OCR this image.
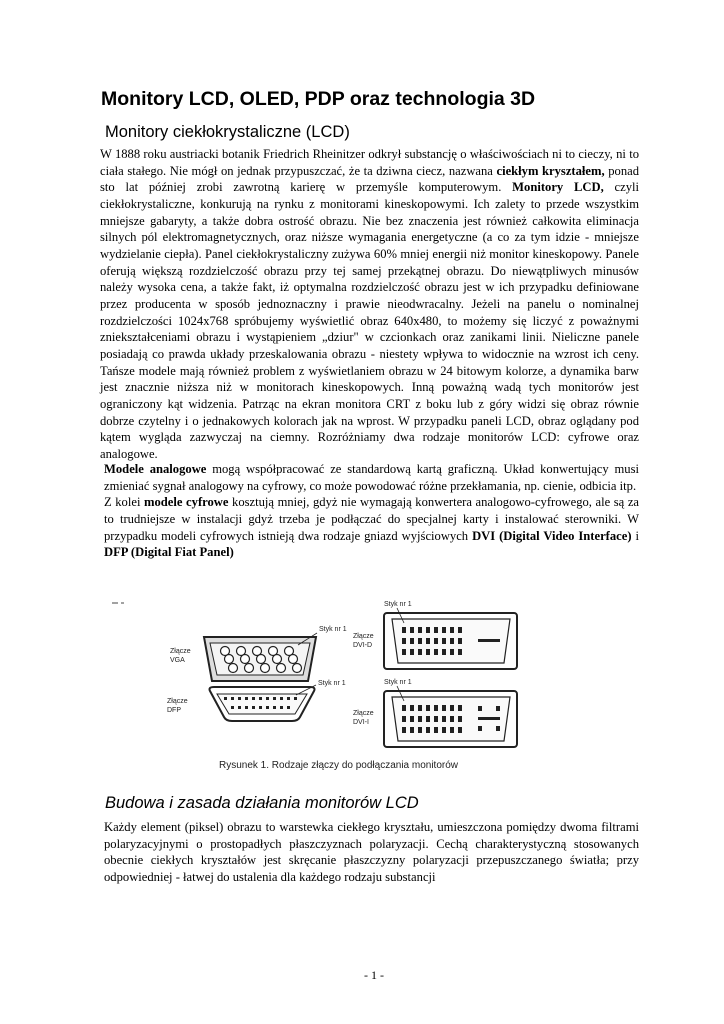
Monitory LCD, OLED, PDP oraz technologia 3D
Monitory ciekłokrystaliczne (LCD)

W 1888 roku austriacki botanik Friedrich Rheinitzer odkrył substancję o właściwościach ni to cieczy, ni to ciała stałego. Nie mógł on jednak przypuszczać, że ta dziwna ciecz, nazwana ciekłym kryształem, ponad sto lat później zrobi zawrotną karierę w przemyśle komputerowym. Monitory LCD, czyli ciekłokrystaliczne, konkurują na rynku z monitorami kineskopowymi. Ich zalety to przede wszystkim mniejsze gabaryty, a także dobra ostrość obrazu. Nie bez znaczenia jest również całkowita eliminacja silnych pól elektromagnetycznych, oraz niższe wymagania energetyczne (a co za tym idzie - mniejsze wydzielanie ciepła). Panel ciekłokrystaliczny zużywa 60% mniej energii niż monitor kineskopowy. Panele oferują większą rozdzielczość obrazu przy tej samej przekątnej obrazu. Do niewątpliwych minusów należy wysoka cena, a także fakt, iż optymalna rozdzielczość obrazu jest w ich przypadku definiowane przez producenta w sposób jednoznaczny i prawie nieodwracalny. Jeżeli na panelu o nominalnej rozdzielczości 1024x768 spróbujemy wyświetlić obraz 640x480, to możemy się liczyć z poważnymi zniekształceniami obrazu i wystąpieniem „dziur" w czcionkach oraz zanikami linii. Nieliczne panele posiadają co prawda układy przeskalowania obrazu - niestety wpływa to widocznie na wzrost ich ceny. Tańsze modele mają również problem z wyświetlaniem obrazu w 24 bitowym kolorze, a dynamika barw jest znacznie niższa niż w monitorach kineskopowych. Inną poważną wadą tych monitorów jest ograniczony kąt widzenia. Patrząc na ekran monitora CRT z boku lub z góry widzi się obraz równie dobrze czytelny i o jednakowych kolorach jak na wprost. W przypadku paneli LCD, obraz oglądany pod kątem wygląda zazwyczaj na ciemny. Rozróżniamy dwa rodzaje monitorów LCD: cyfrowe oraz analogowe.

Modele analogowe mogą współpracować ze standardową kartą graficzną. Układ konwertujący musi zmieniać sygnał analogowy na cyfrowy, co może powodować różne przekłamania, np. cienie, odbicia itp.

Z kolei modele cyfrowe kosztują mniej, gdyż nie wymagają konwertera analogowo-cyfrowego, ale są za to trudniejsze w instalacji gdyż trzeba je podłączać do specjalnej karty i instalować sterowniki. W przypadku modeli cyfrowych istnieją dwa rodzaje gniazd wyjściowych DVI (Digital Video Interface) i DFP (Digital Fiat Panel)

Styk nr 1
Złącze
VGA
Styk nr 1
Złącze
DFP
Styk nr 1
Złącze
DVI-D
Styk nr 1
Złącze
DVI-I
Rysunek 1. Rodzaje złączy do podłączania monitorów
Budowa i zasada działania monitorów LCD

Każdy element (piksel) obrazu to warstewka ciekłego kryształu, umieszczona pomiędzy dwoma filtrami polaryzacyjnymi o prostopadłych płaszczyznach polaryzacji. Cechą charakterystyczną stosowanych obecnie ciekłych kryształów jest skręcanie płaszczyzny polaryzacji przepuszczanego światła; przy odpowiedniej - łatwej do ustalenia dla każdego rodzaju substancji

- 1 -
